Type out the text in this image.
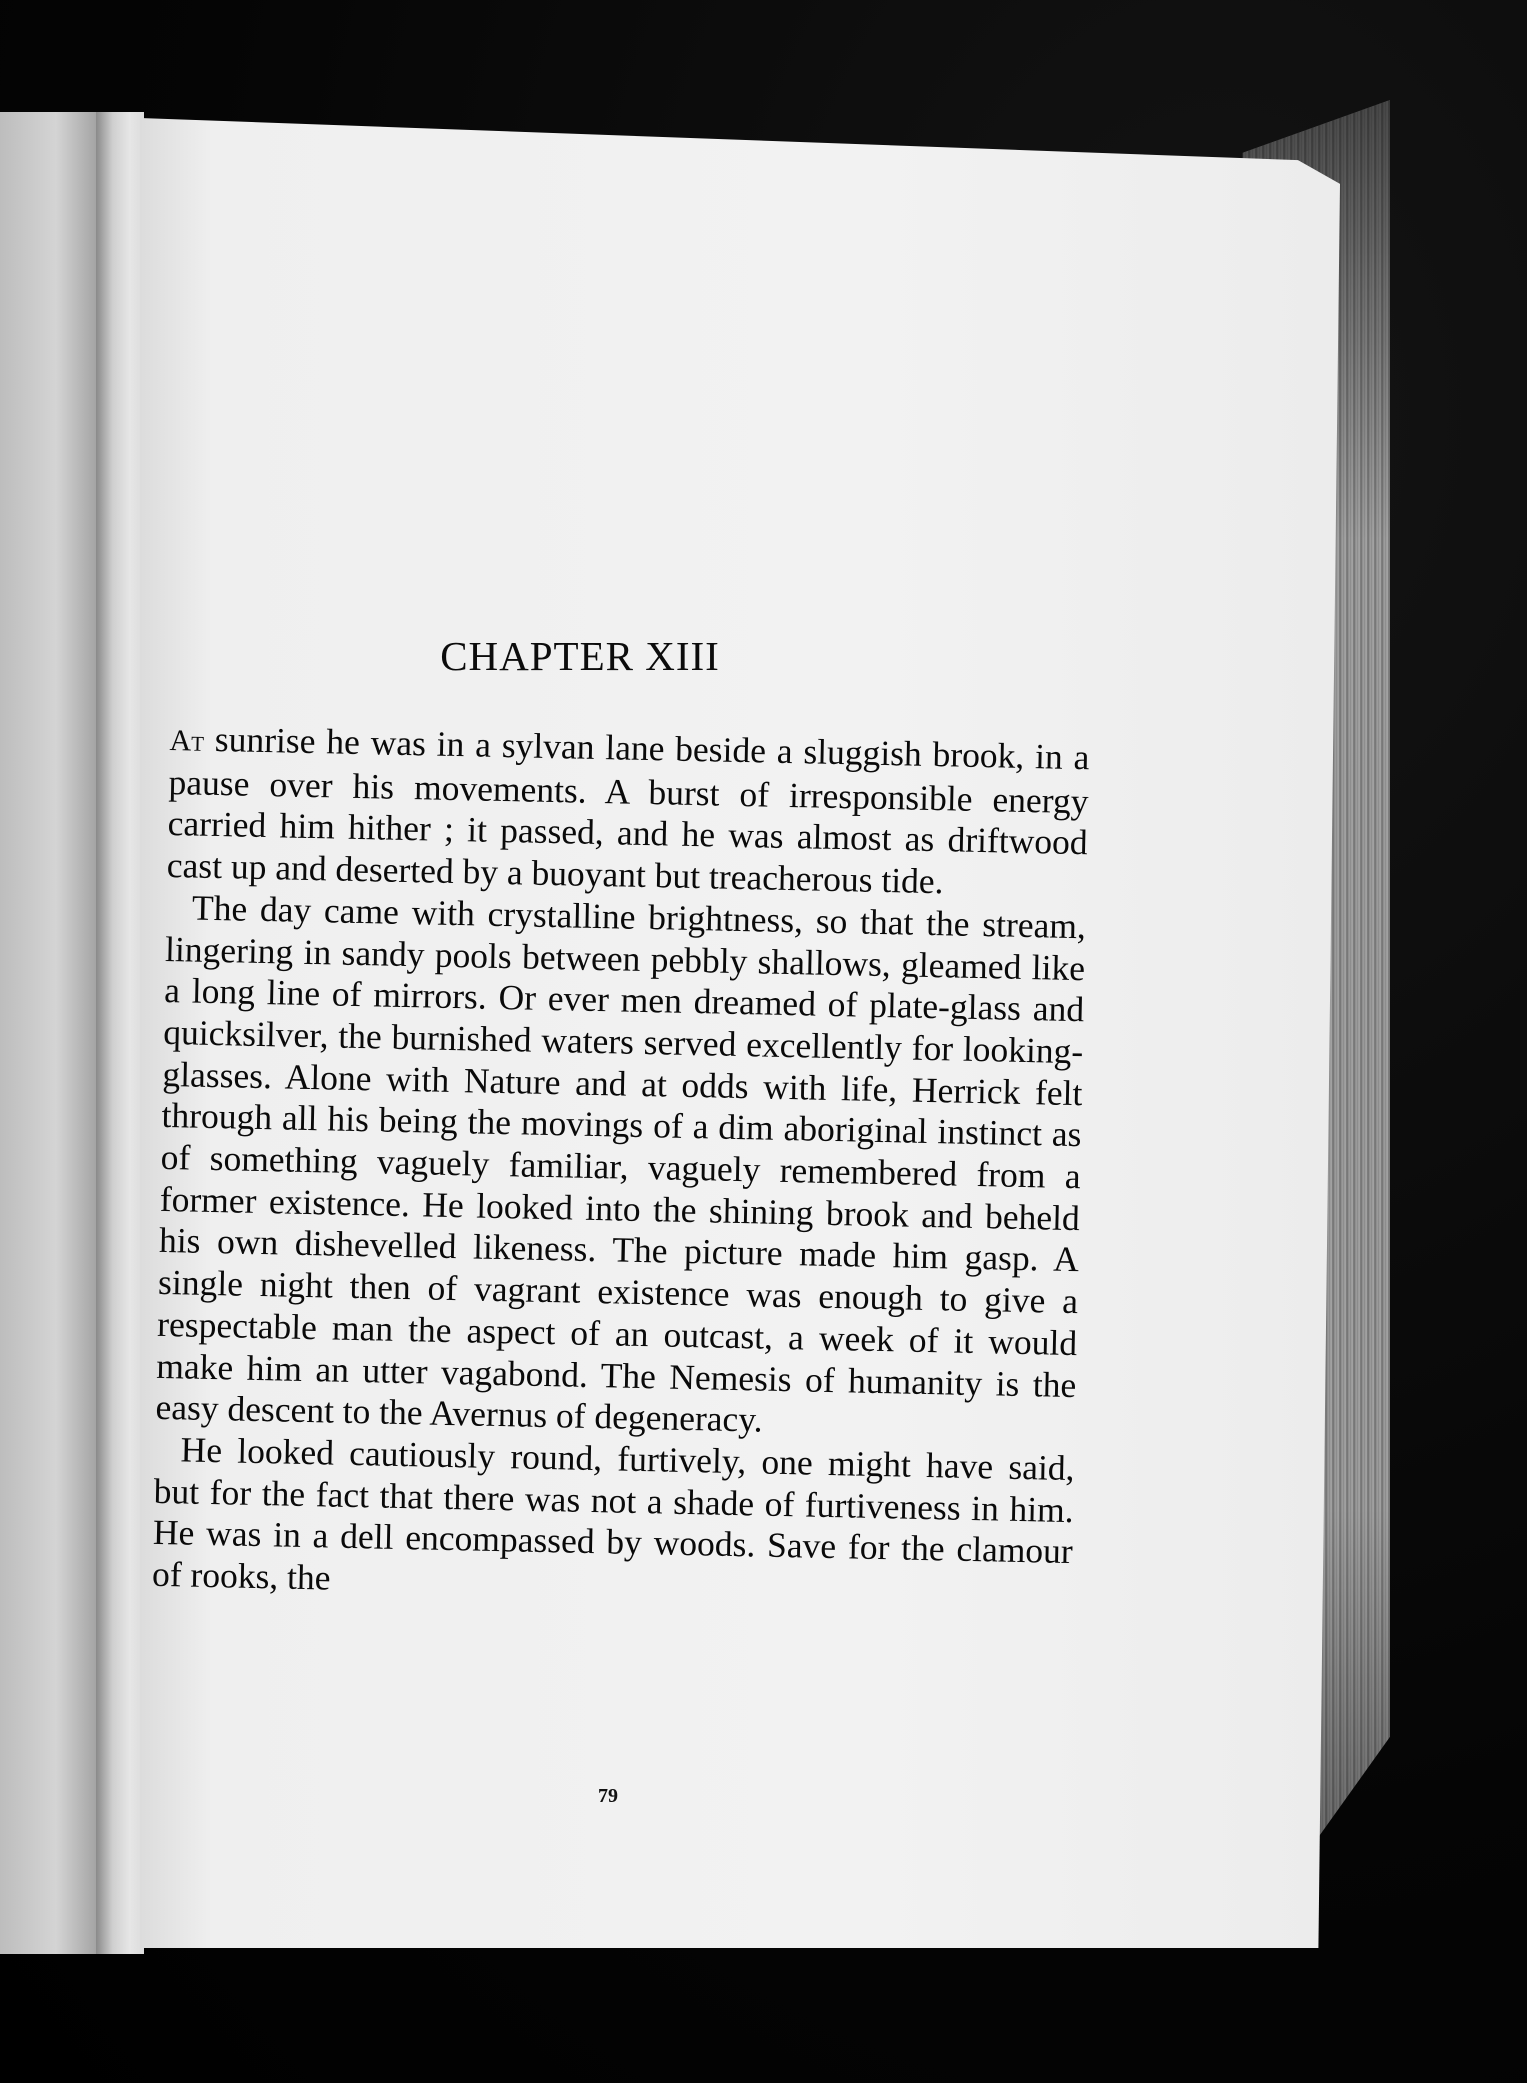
CHAPTER XIII

At sunrise he was in a sylvan lane beside a sluggish brook, in a pause over his movements. A burst of irresponsible energy carried him hither ; it passed, and he was almost as driftwood cast up and deserted by a buoyant but treacherous tide.

The day came with crystalline brightness, so that the stream, lingering in sandy pools between pebbly shallows, gleamed like a long line of mirrors. Or ever men dreamed of plate-glass and quicksilver, the burnished waters served excellently for looking-glasses. Alone with Nature and at odds with life, Herrick felt through all his being the movings of a dim aboriginal instinct as of something vaguely familiar, vaguely remembered from a former existence. He looked into the shining brook and beheld his own dishevelled likeness. The picture made him gasp. A single night then of vagrant existence was enough to give a respectable man the aspect of an outcast, a week of it would make him an utter vagabond. The Nemesis of humanity is the easy descent to the Avernus of degeneracy.

He looked cautiously round, furtively, one might have said, but for the fact that there was not a shade of furtiveness in him. He was in a dell encompassed by woods. Save for the clamour of rooks, the

79
